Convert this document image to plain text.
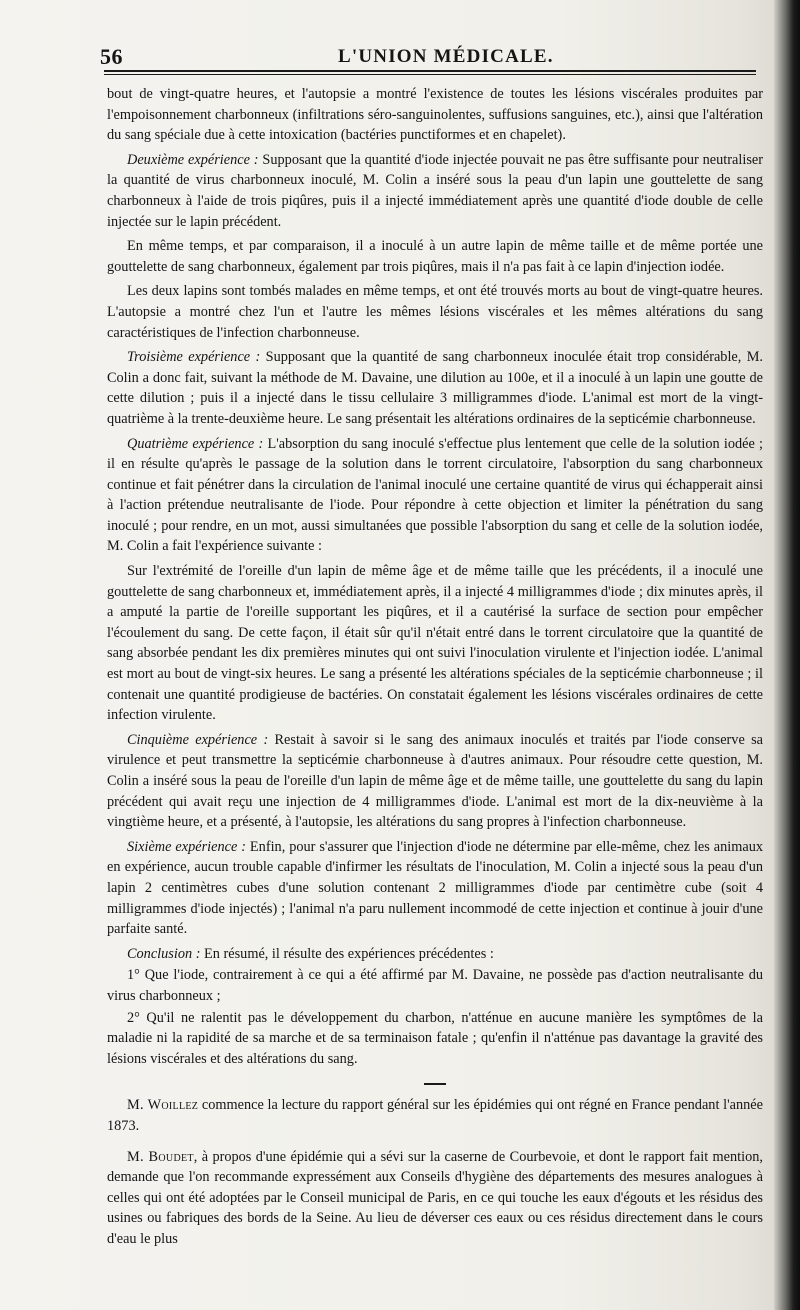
56	L'UNION MÉDICALE.

bout de vingt-quatre heures, et l'autopsie a montré l'existence de toutes les lésions viscérales produites par l'empoisonnement charbonneux (infiltrations séro-sanguinolentes, suffusions sanguines, etc.), ainsi que l'altération du sang spéciale due à cette intoxication (bactéries punctiformes et en chapelet).

Deuxième expérience : Supposant que la quantité d'iode injectée pouvait ne pas être suffisante pour neutraliser la quantité de virus charbonneux inoculé, M. Colin a inséré sous la peau d'un lapin une gouttelette de sang charbonneux à l'aide de trois piqûres, puis il a injecté immédiatement après une quantité d'iode double de celle injectée sur le lapin précédent.

En même temps, et par comparaison, il a inoculé à un autre lapin de même taille et de même portée une gouttelette de sang charbonneux, également par trois piqûres, mais il n'a pas fait à ce lapin d'injection iodée.

Les deux lapins sont tombés malades en même temps, et ont été trouvés morts au bout de vingt-quatre heures. L'autopsie a montré chez l'un et l'autre les mêmes lésions viscérales et les mêmes altérations du sang caractéristiques de l'infection charbonneuse.

Troisième expérience : Supposant que la quantité de sang charbonneux inoculée était trop considérable, M. Colin a donc fait, suivant la méthode de M. Davaine, une dilution au 100e, et il a inoculé à un lapin une goutte de cette dilution ; puis il a injecté dans le tissu cellulaire 3 milligrammes d'iode. L'animal est mort de la vingt-quatrième à la trente-deuxième heure. Le sang présentait les altérations ordinaires de la septicémie charbonneuse.

Quatrième expérience : L'absorption du sang inoculé s'effectue plus lentement que celle de la solution iodée ; il en résulte qu'après le passage de la solution dans le torrent circulatoire, l'absorption du sang charbonneux continue et fait pénétrer dans la circulation de l'animal inoculé une certaine quantité de virus qui échapperait ainsi à l'action prétendue neutralisante de l'iode. Pour répondre à cette objection et limiter la pénétration du sang inoculé ; pour rendre, en un mot, aussi simultanées que possible l'absorption du sang et celle de la solution iodée, M. Colin a fait l'expérience suivante :

Sur l'extrémité de l'oreille d'un lapin de même âge et de même taille que les précédents, il a inoculé une gouttelette de sang charbonneux et, immédiatement après, il a injecté 4 milligrammes d'iode ; dix minutes après, il a amputé la partie de l'oreille supportant les piqûres, et il a cautérisé la surface de section pour empêcher l'écoulement du sang. De cette façon, il était sûr qu'il n'était entré dans le torrent circulatoire que la quantité de sang absorbée pendant les dix premières minutes qui ont suivi l'inoculation virulente et l'injection iodée. L'animal est mort au bout de vingt-six heures. Le sang a présenté les altérations spéciales de la septicémie charbonneuse ; il contenait une quantité prodigieuse de bactéries. On constatait également les lésions viscérales ordinaires de cette infection virulente.

Cinquième expérience : Restait à savoir si le sang des animaux inoculés et traités par l'iode conserve sa virulence et peut transmettre la septicémie charbonneuse à d'autres animaux. Pour résoudre cette question, M. Colin a inséré sous la peau de l'oreille d'un lapin de même âge et de même taille, une gouttelette du sang du lapin précédent qui avait reçu une injection de 4 milligrammes d'iode. L'animal est mort de la dix-neuvième à la vingtième heure, et a présenté, à l'autopsie, les altérations du sang propres à l'infection charbonneuse.

Sixième expérience : Enfin, pour s'assurer que l'injection d'iode ne détermine par elle-même, chez les animaux en expérience, aucun trouble capable d'infirmer les résultats de l'inoculation, M. Colin a injecté sous la peau d'un lapin 2 centimètres cubes d'une solution contenant 2 milligrammes d'iode par centimètre cube (soit 4 milligrammes d'iode injectés) ; l'animal n'a paru nullement incommodé de cette injection et continue à jouir d'une parfaite santé.

Conclusion : En résumé, il résulte des expériences précédentes :

1° Que l'iode, contrairement à ce qui a été affirmé par M. Davaine, ne possède pas d'action neutralisante du virus charbonneux ;

2° Qu'il ne ralentit pas le développement du charbon, n'atténue en aucune manière les symptômes de la maladie ni la rapidité de sa marche et de sa terminaison fatale ; qu'enfin il n'atténue pas davantage la gravité des lésions viscérales et des altérations du sang.

M. Woillez commence la lecture du rapport général sur les épidémies qui ont régné en France pendant l'année 1873.

M. Boudet, à propos d'une épidémie qui a sévi sur la caserne de Courbevoie, et dont le rapport fait mention, demande que l'on recommande expressément aux Conseils d'hygiène des départements des mesures analogues à celles qui ont été adoptées par le Conseil municipal de Paris, en ce qui touche les eaux d'égouts et les résidus des usines ou fabriques des bords de la Seine. Au lieu de déverser ces eaux ou ces résidus directement dans le cours d'eau le plus
